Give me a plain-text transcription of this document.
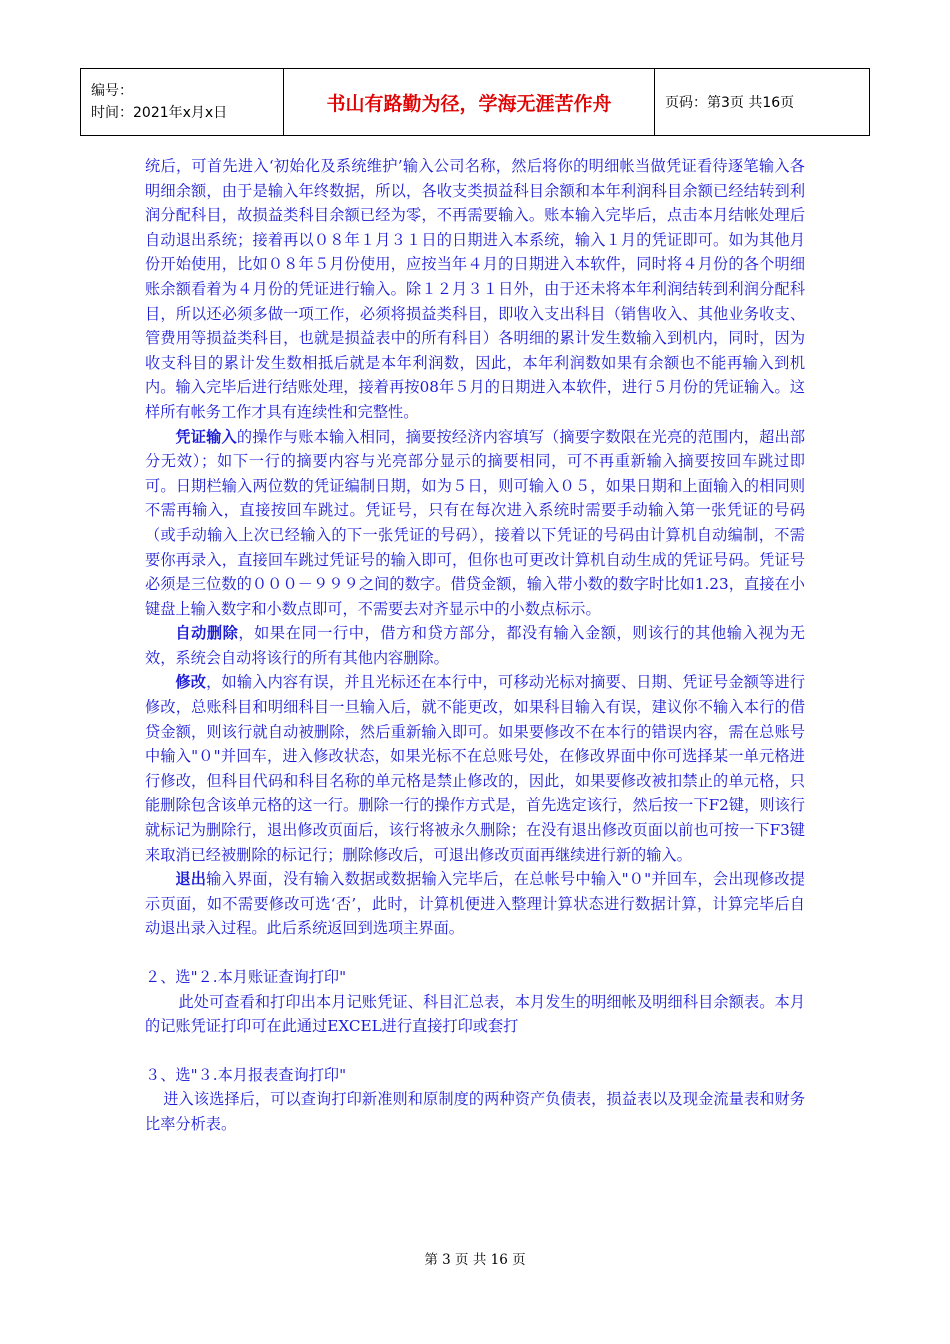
编号：
时间：2021年x月x日	书山有路勤为径，学海无涯苦作舟	页码：第3页 共16页

统后，可首先进入‘初始化及系统维护’输入公司名称，然后将你的明细帐当做凭证看待逐笔输入各明细余额，由于是输入年终数据，所以，各收支类损益科目余额和本年利润科目余额已经结转到利润分配科目，故损益类科目余额已经为零，不再需要输入。账本输入完毕后，点击本月结帐处理后自动退出系统；接着再以０８年１月３１日的日期进入本系统，输入１月的凭证即可。如为其他月份开始使用，比如０８年５月份使用，应按当年４月的日期进入本软件，同时将４月份的各个明细账余额看着为４月份的凭证进行输入。除１２月３１日外，由于还未将本年利润结转到利润分配科目，所以还必须多做一项工作，必须将损益类科目，即收入支出科目（销售收入、其他业务收支、管费用等损益类科目，也就是损益表中的所有科目）各明细的累计发生数输入到机内，同时，因为收支科目的累计发生数相抵后就是本年利润数，因此，本年利润数如果有余额也不能再输入到机内。输入完毕后进行结账处理，接着再按08年５月的日期进入本软件，进行５月份的凭证输入。这样所有帐务工作才具有连续性和完整性。

凭证输入的操作与账本输入相同，摘要按经济内容填写（摘要字数限在光亮的范围内，超出部分无效）；如下一行的摘要内容与光亮部分显示的摘要相同，可不再重新输入摘要按回车跳过即可。日期栏输入两位数的凭证编制日期，如为５日，则可输入０５，如果日期和上面输入的相同则不需再输入，直接按回车跳过。凭证号，只有在每次进入系统时需要手动输入第一张凭证的号码（或手动输入上次已经输入的下一张凭证的号码），接着以下凭证的号码由计算机自动编制，不需要你再录入，直接回车跳过凭证号的输入即可，但你也可更改计算机自动生成的凭证号码。凭证号必须是三位数的０００－９９９之间的数字。借贷金额，输入带小数的数字时比如1.23，直接在小键盘上输入数字和小数点即可，不需要去对齐显示中的小数点标示。

自动删除，如果在同一行中，借方和贷方部分，都没有输入金额，则该行的其他输入视为无效，系统会自动将该行的所有其他内容删除。

修改，如输入内容有误，并且光标还在本行中，可移动光标对摘要、日期、凭证号金额等进行修改，总账科目和明细科目一旦输入后，就不能更改，如果科目输入有误，建议你不输入本行的借贷金额，则该行就自动被删除，然后重新输入即可。如果要修改不在本行的错误内容，需在总账号中输入"０"并回车，进入修改状态，如果光标不在总账号处，在修改界面中你可选择某一单元格进行修改，但科目代码和科目名称的单元格是禁止修改的，因此，如果要修改被扣禁止的单元格，只能删除包含该单元格的这一行。删除一行的操作方式是，首先选定该行，然后按一下F2键，则该行就标记为删除行，退出修改页面后，该行将被永久删除；在没有退出修改页面以前也可按一下F3键来取消已经被删除的标记行；删除修改后，可退出修改页面再继续进行新的输入。

退出输入界面，没有输入数据或数据输入完毕后，在总帐号中输入"０"并回车，会出现修改提示页面，如不需要修改可选‘否’，此时，计算机便进入整理计算状态进行数据计算，计算完毕后自动退出录入过程。此后系统返回到选项主界面。

２、选"２.本月账证查询打印"

此处可查看和打印出本月记账凭证、科目汇总表，本月发生的明细帐及明细科目余额表。本月的记账凭证打印可在此通过EXCEL进行直接打印或套打

３、选"３.本月报表查询打印"

进入该选择后，可以查询打印新准则和原制度的两种资产负债表，损益表以及现金流量表和财务比率分析表。

第 3 页 共 16 页
